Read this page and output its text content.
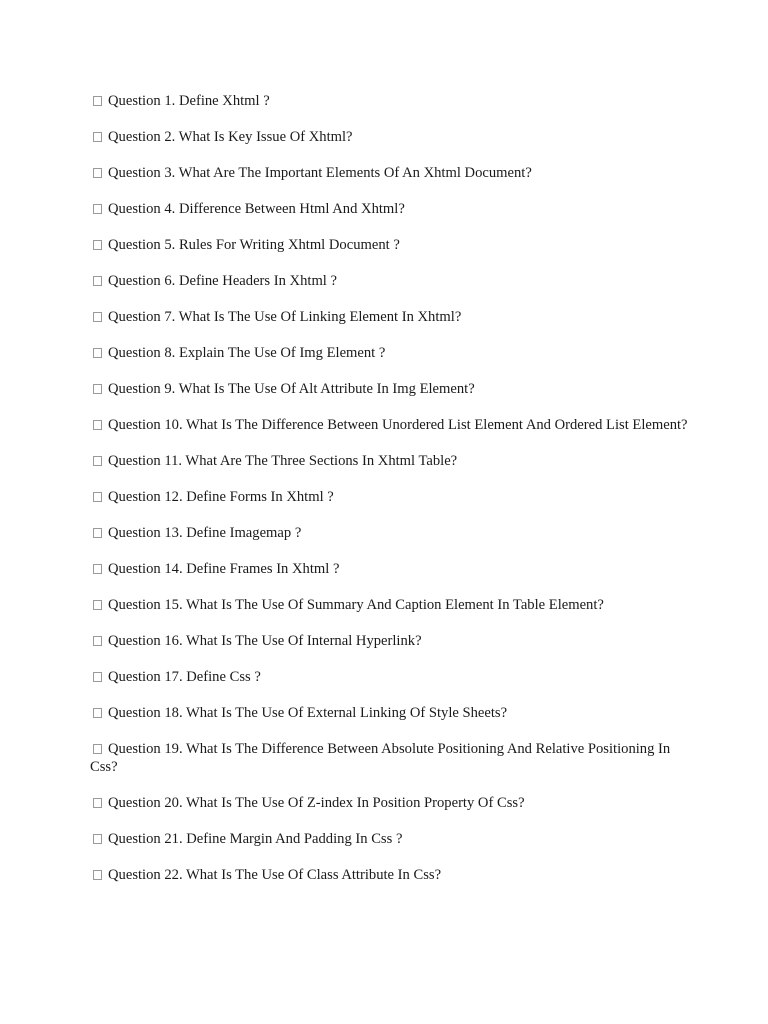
Question 1. Define Xhtml ?
Question 2. What Is Key Issue Of Xhtml?
Question 3. What Are The Important Elements Of An Xhtml Document?
Question 4. Difference Between Html And Xhtml?
Question 5. Rules For Writing Xhtml Document ?
Question 6. Define Headers In Xhtml ?
Question 7. What Is The Use Of Linking Element In Xhtml?
Question 8. Explain The Use Of Img Element ?
Question 9. What Is The Use Of Alt Attribute In Img Element?
Question 10. What Is The Difference Between Unordered List Element And Ordered List Element?
Question 11. What Are The Three Sections In Xhtml Table?
Question 12. Define Forms In Xhtml ?
Question 13. Define Imagemap ?
Question 14. Define Frames In Xhtml ?
Question 15. What Is The Use Of Summary And Caption Element In Table Element?
Question 16. What Is The Use Of Internal Hyperlink?
Question 17. Define Css ?
Question 18. What Is The Use Of External Linking Of Style Sheets?
Question 19. What Is The Difference Between Absolute Positioning And Relative Positioning In Css?
Question 20. What Is The Use Of Z-index In Position Property Of Css?
Question 21. Define Margin And Padding In Css ?
Question 22. What Is The Use Of Class Attribute In Css?
